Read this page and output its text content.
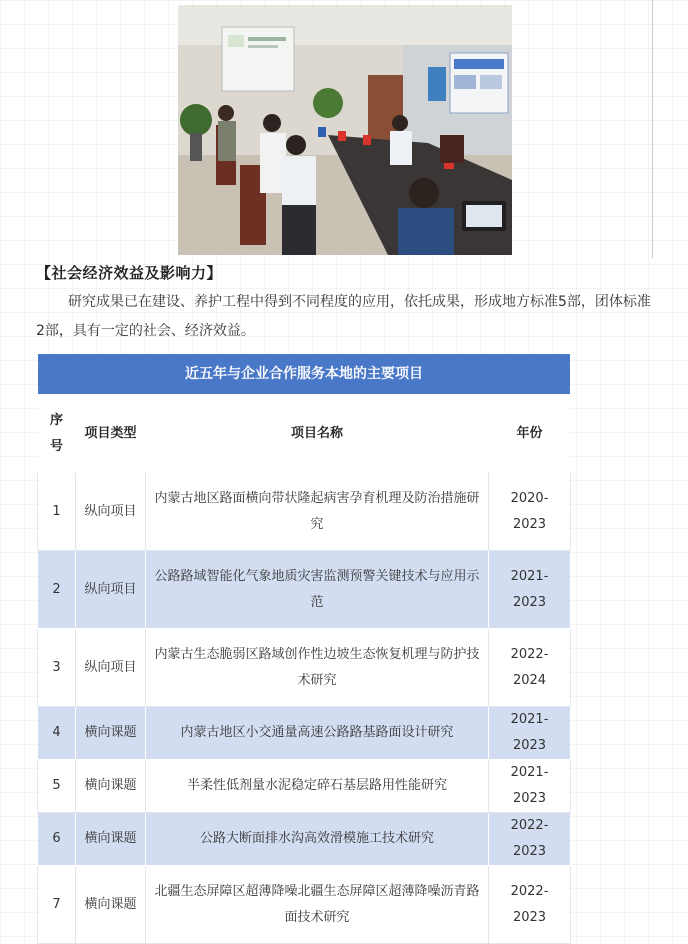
【社会经济效益及影响力】

研究成果已在建设、养护工程中得到不同程度的应用，依托成果，形成地方标准5部，团体标准2部，具有一定的社会、经济效益。

近五年与企业合作服务本地的主要项目			
序号	项目类型	项目名称	年份
1	纵向项目	内蒙古地区路面横向带状隆起病害孕育机理及防治措施研究	2020-2023
2	纵向项目	公路路域智能化气象地质灾害监测预警关键技术与应用示范	2021-2023
3	纵向项目	内蒙古生态脆弱区路域创作性边坡生态恢复机理与防护技术研究	2022-2024
4	横向课题	内蒙古地区小交通量高速公路路基路面设计研究	2021-2023
5	横向课题	半柔性低剂量水泥稳定碎石基层路用性能研究	2021-2023
6	横向课题	公路大断面排水沟高效滑模施工技术研究	2022-2023
7	横向课题	北疆生态屏障区超薄降噪北疆生态屏障区超薄降噪沥青路面技术研究	2022-2023
